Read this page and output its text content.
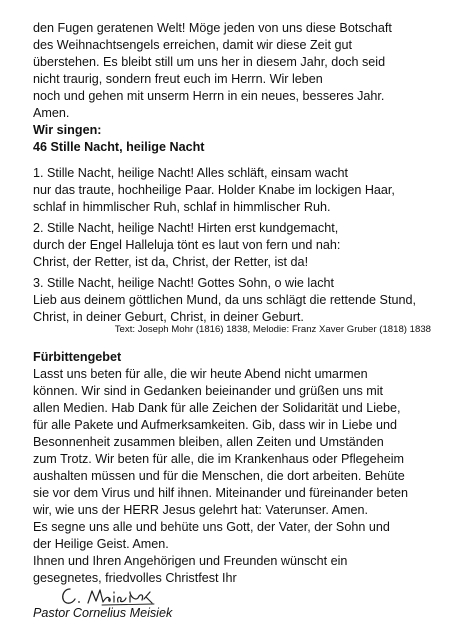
den Fugen geratenen Welt! Möge jeden von uns diese Botschaft
des Weihnachtsengels erreichen, damit wir diese Zeit gut
überstehen. Es bleibt still um uns her in diesem Jahr, doch seid
nicht traurig, sondern freut euch im Herrn. Wir leben
noch und gehen mit unserm Herrn in ein neues, besseres Jahr.
Amen.
Wir singen:
46 Stille Nacht, heilige Nacht
1. Stille Nacht, heilige Nacht! Alles schläft, einsam wacht
nur das traute, hochheilige Paar. Holder Knabe im lockigen Haar,
schlaf in himmlischer Ruh, schlaf in himmlischer Ruh.
2. Stille Nacht, heilige Nacht! Hirten erst kundgemacht,
durch der Engel Halleluja tönt es laut von fern und nah:
Christ, der Retter, ist da, Christ, der Retter, ist da!
3. Stille Nacht, heilige Nacht! Gottes Sohn, o wie lacht
Lieb aus deinem göttlichen Mund, da uns schlägt die rettende Stund,
Christ, in deiner Geburt, Christ, in deiner Geburt.
Text: Joseph Mohr (1816) 1838, Melodie: Franz Xaver Gruber (1818) 1838
Fürbittengebet
Lasst uns beten für alle, die wir heute Abend nicht umarmen
können. Wir sind in Gedanken beieinander und grüßen uns mit
allen Medien. Hab Dank für alle Zeichen der Solidarität und Liebe,
für alle Pakete und Aufmerksamkeiten. Gib, dass wir in Liebe und
Besonnenheit zusammen bleiben, allen Zeiten und Umständen
zum Trotz. Wir beten für alle, die im Krankenhaus oder Pflegeheim
aushalten müssen und für die Menschen, die dort arbeiten. Behüte
sie vor dem Virus und hilf ihnen. Miteinander und füreinander beten
wir, wie uns der HERR Jesus gelehrt hat: Vaterunser. Amen.
Es segne uns alle und behüte uns Gott, der Vater, der Sohn und
der Heilige Geist. Amen.
Ihnen und Ihren Angehörigen und Freunden wünscht ein
gesegnetes, friedvolles Christfest Ihr
Pastor Cornelius Meisiek
